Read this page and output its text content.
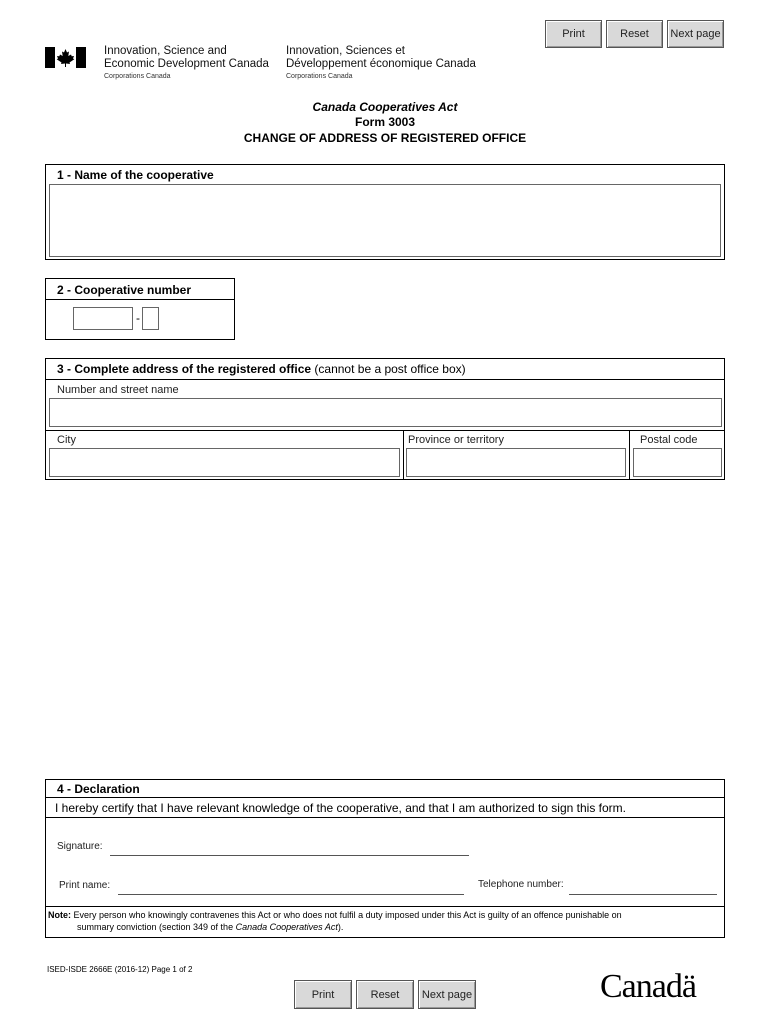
Print	Reset	Next page
Innovation, Science and
Economic Development Canada
Corporations Canada
Innovation, Sciences et
Développement économique Canada
Corporations Canada
Canada Cooperatives Act
Form 3003
CHANGE OF ADDRESS OF REGISTERED OFFICE
1 - Name of the cooperative
2 - Cooperative number
-
3 - Complete address of the registered office (cannot be a post office box)
Number and street name
City	Province or territory	Postal code
4 - Declaration
I hereby certify that I have relevant knowledge of the cooperative, and that I am authorized to sign this form.
Signature:
Print name:	Telephone number:
Note: Every person who knowingly contravenes this Act or who does not fulfil a duty imposed under this Act is guilty of an offence punishable on
summary conviction (section 349 of the Canada Cooperatives Act).
ISED-ISDE 2666E (2016-12) Page 1 of 2
Print	Reset	Next page	Canadä
